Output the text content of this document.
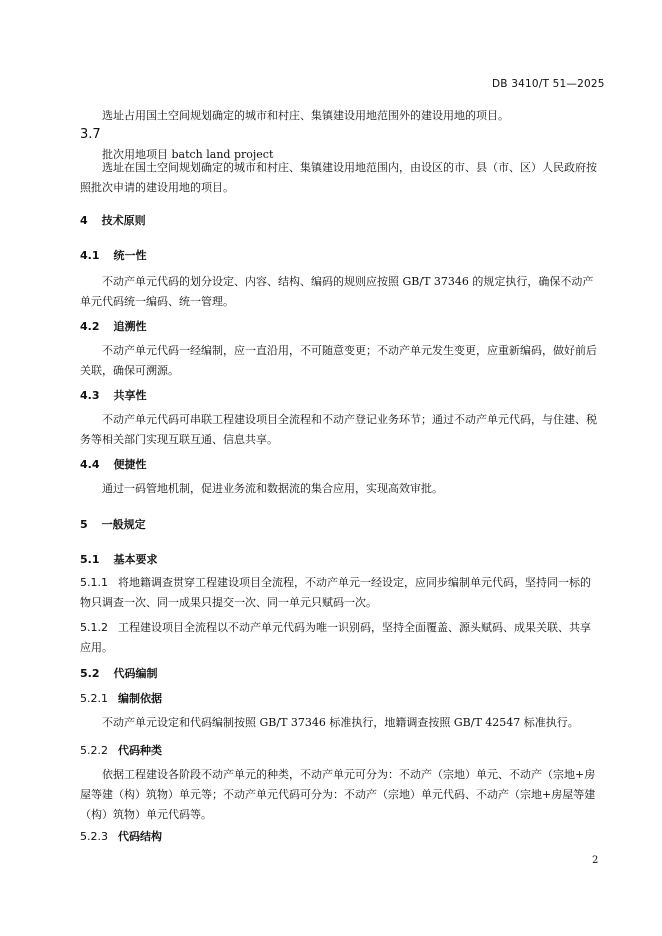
DB 3410/T 51—2025
选址占用国土空间规划确定的城市和村庄、集镇建设用地范围外的建设用地的项目。
3.7
批次用地项目 batch land project
选址在国土空间规划确定的城市和村庄、集镇建设用地范围内，由设区的市、县（市、区）人民政府按照批次申请的建设用地的项目。
4 技术原则
4.1 统一性
不动产单元代码的划分设定、内容、结构、编码的规则应按照 GB/T 37346 的规定执行，确保不动产单元代码统一编码、统一管理。
4.2 追溯性
不动产单元代码一经编制，应一直沿用，不可随意变更；不动产单元发生变更，应重新编码，做好前后关联，确保可溯源。
4.3 共享性
不动产单元代码可串联工程建设项目全流程和不动产登记业务环节；通过不动产单元代码，与住建、税务等相关部门实现互联互通、信息共享。
4.4 便捷性
通过一码管地机制，促进业务流和数据流的集合应用，实现高效审批。
5 一般规定
5.1 基本要求
5.1.1 将地籍调查贯穿工程建设项目全流程，不动产单元一经设定，应同步编制单元代码，坚持同一标的物只调查一次、同一成果只提交一次、同一单元只赋码一次。
5.1.2 工程建设项目全流程以不动产单元代码为唯一识别码，坚持全面覆盖、源头赋码、成果关联、共享应用。
5.2 代码编制
5.2.1 编制依据
不动产单元设定和代码编制按照 GB/T 37346 标准执行，地籍调查按照 GB/T 42547 标准执行。
5.2.2 代码种类
依据工程建设各阶段不动产单元的种类，不动产单元可分为：不动产（宗地）单元、不动产（宗地+房屋等建（构）筑物）单元等；不动产单元代码可分为：不动产（宗地）单元代码、不动产（宗地+房屋等建（构）筑物）单元代码等。
5.2.3 代码结构
2
